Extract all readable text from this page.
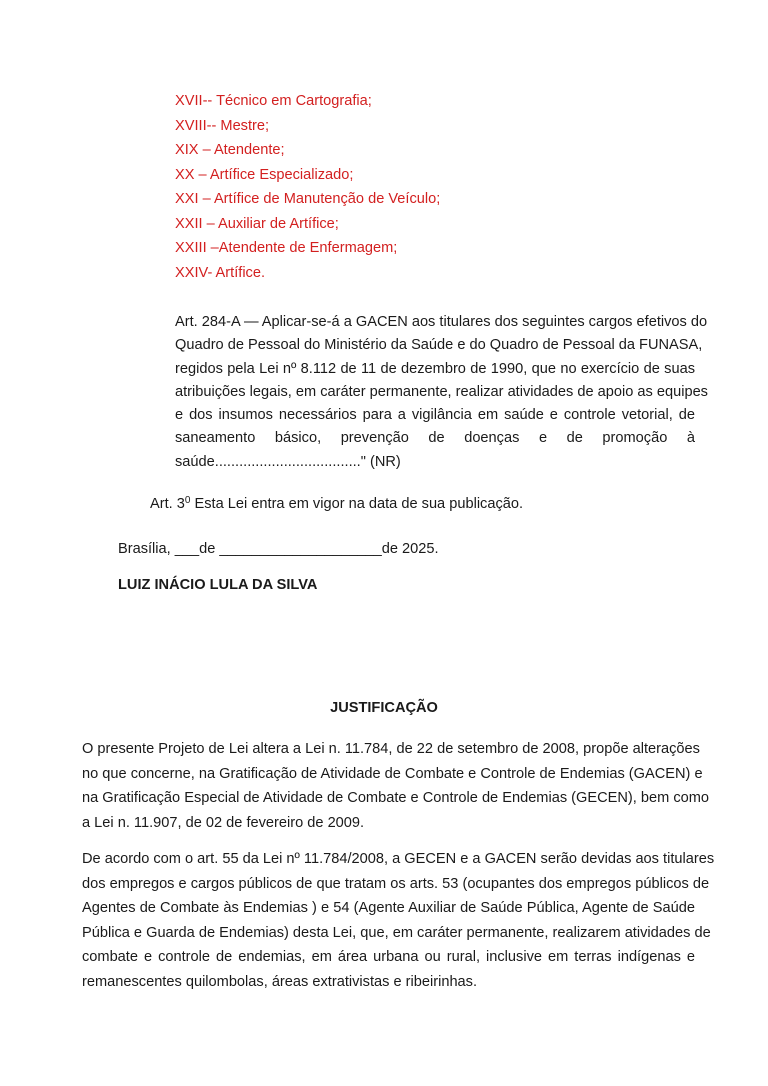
XVII-- Técnico em Cartografia;
XVIII-- Mestre;
XIX – Atendente;
XX – Artífice Especializado;
XXI – Artífice de Manutenção de Veículo;
XXII – Auxiliar de Artífice;
XXIII –Atendente de Enfermagem;
XXIV- Artífice.
Art. 284-A — Aplicar-se-á a GACEN aos titulares dos seguintes cargos efetivos do
Quadro de Pessoal do Ministério da Saúde e do Quadro de Pessoal da FUNASA,
regidos pela Lei nº 8.112 de 11 de dezembro de 1990, que no exercício de suas
atribuições legais, em caráter permanente, realizar atividades de apoio as equipes
e dos insumos necessários para a vigilância em saúde e controle vetorial, de
saneamento básico, prevenção de doenças e de promoção à
saúde...................................." (NR)
Art. $3^0$ Esta Lei entra em vigor na data de sua publicação.
Brasília, ___de ____________________de 2025.
LUIZ INÁCIO LULA DA SILVA
JUSTIFICAÇÃO
O presente Projeto de Lei altera a Lei n. 11.784, de 22 de setembro de 2008, propõe alterações
no que concerne, na Gratificação de Atividade de Combate e Controle de Endemias (GACEN) e
na Gratificação Especial de Atividade de Combate e Controle de Endemias (GECEN), bem como
a Lei n. 11.907, de 02 de fevereiro de 2009.
De acordo com o art. 55 da Lei nº 11.784/2008, a GECEN e a GACEN serão devidas aos titulares
dos empregos e cargos públicos de que tratam os arts. 53 (ocupantes dos empregos públicos de
Agentes de Combate às Endemias ) e 54 (Agente Auxiliar de Saúde Pública, Agente de Saúde
Pública e Guarda de Endemias) desta Lei, que, em caráter permanente, realizarem atividades de
combate e controle de endemias, em área urbana ou rural, inclusive em terras indígenas e
remanescentes quilombolas, áreas extrativistas e ribeirinhas.
